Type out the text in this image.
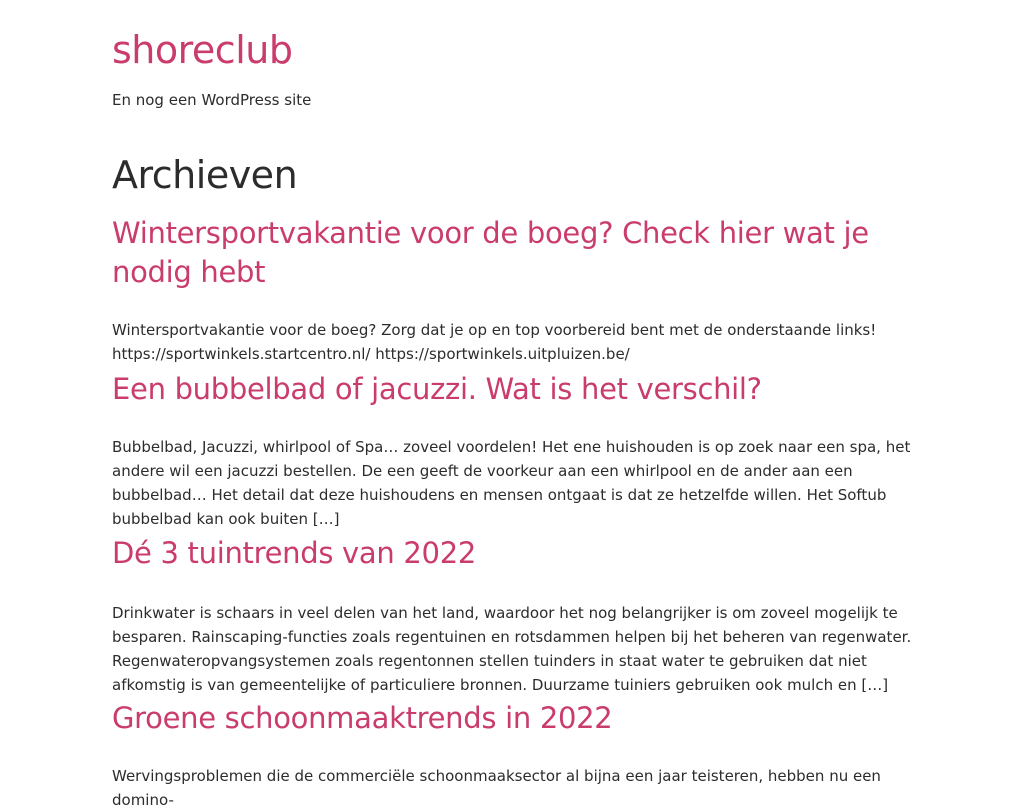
shoreclub

En nog een WordPress site

Archieven
Wintersportvakantie voor de boeg? Check hier wat je nodig hebt

Wintersportvakantie voor de boeg? Zorg dat je op en top voorbereid bent met de onderstaande links! https://sportwinkels.startcentro.nl/ https://sportwinkels.uitpluizen.be/

Een bubbelbad of jacuzzi. Wat is het verschil?

Bubbelbad, Jacuzzi, whirlpool of Spa… zoveel voordelen! Het ene huishouden is op zoek naar een spa, het andere wil een jacuzzi bestellen. De een geeft de voorkeur aan een whirlpool en de ander aan een bubbelbad… Het detail dat deze huishoudens en mensen ontgaat is dat ze hetzelfde willen. Het Softub bubbelbad kan ook buiten […]

Dé 3 tuintrends van 2022

Drinkwater is schaars in veel delen van het land, waardoor het nog belangrijker is om zoveel mogelijk te besparen. Rainscaping-functies zoals regentuinen en rotsdammen helpen bij het beheren van regenwater. Regenwateropvangsystemen zoals regentonnen stellen tuinders in staat water te gebruiken dat niet afkomstig is van gemeentelijke of particuliere bronnen. Duurzame tuiniers gebruiken ook mulch en […]

Groene schoonmaaktrends in 2022

Wervingsproblemen die de commerciële schoonmaaksector al bijna een jaar teisteren, hebben nu een domino-
